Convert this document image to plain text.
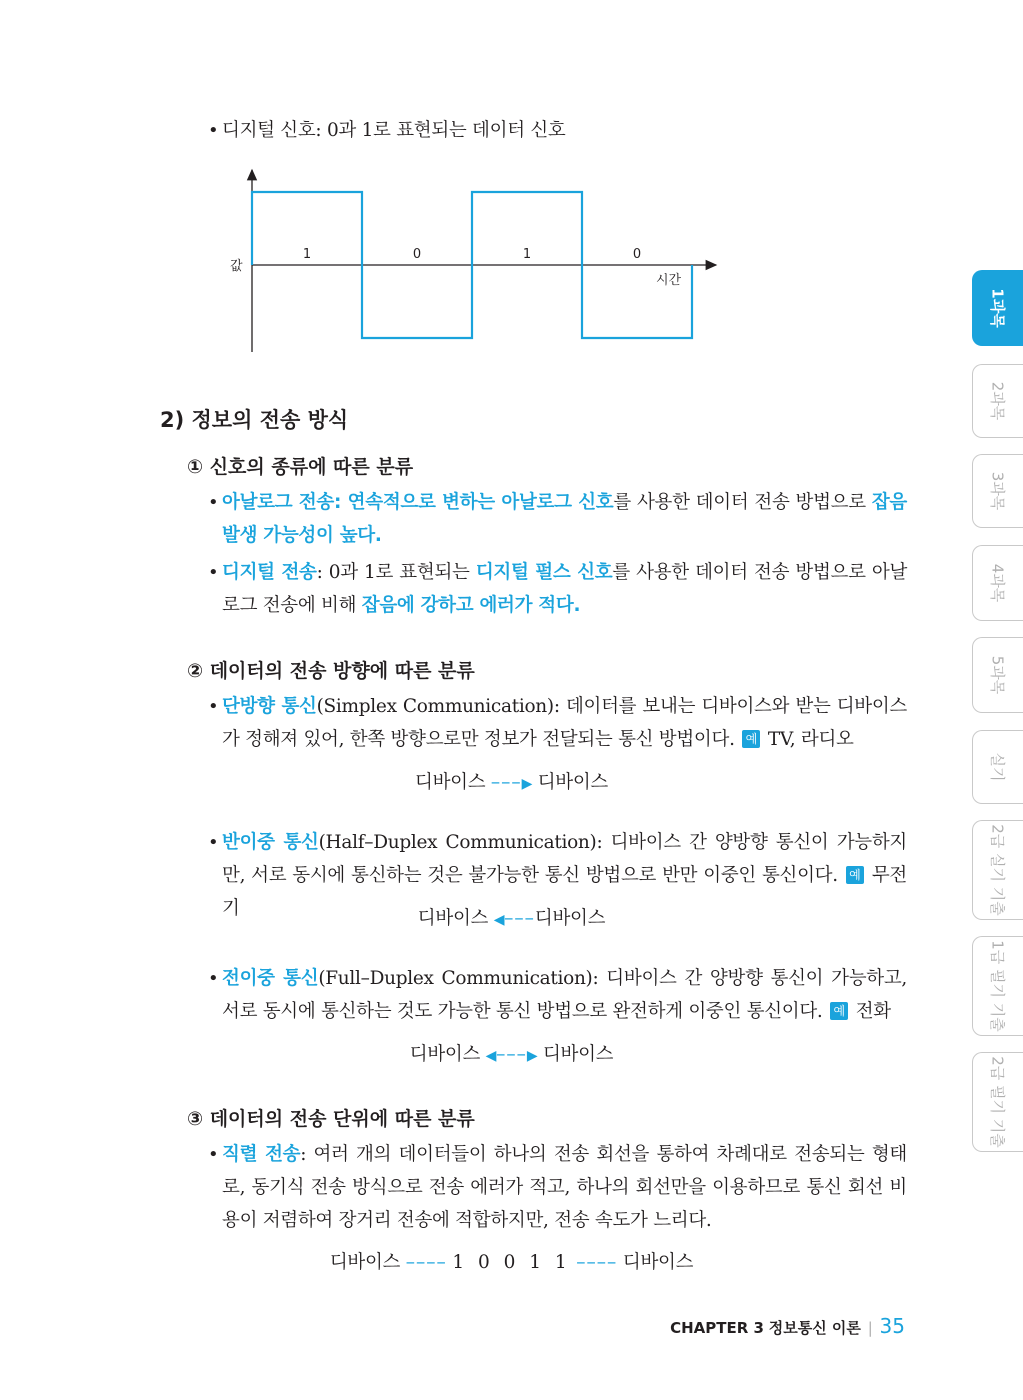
• 디지털 신호: 0과 1로 표현되는 데이터 신호
1	0	1	0
값
시간
2) 정보의 전송 방식
① 신호의 종류에 따른 분류
• 아날로그 전송: 연속적으로 변하는 아날로그 신호를 사용한 데이터 전송 방법으로 잡음 발생 가능성이 높다.
• 디지털 전송: 0과 1로 표현되는 디지털 펄스 신호를 사용한 데이터 전송 방법으로 아날로그 전송에 비해 잡음에 강하고 에러가 적다.
② 데이터의 전송 방향에 따른 분류
• 단방향 통신(Simplex Communication): 데이터를 보내는 디바이스와 받는 디바이스가 정해져 있어, 한쪽 방향으로만 정보가 전달되는 통신 방법이다. 예 TV, 라디오
디바이스 –––▶ 디바이스
• 반이중 통신(Half–Duplex Communication): 디바이스 간 양방향 통신이 가능하지만, 서로 동시에 통신하는 것은 불가능한 통신 방법으로 반만 이중인 통신이다. 예 무전기	디바이스 ◀–––디바이스
• 전이중 통신(Full–Duplex Communication): 디바이스 간 양방향 통신이 가능하고, 서로 동시에 통신하는 것도 가능한 통신 방법으로 완전하게 이중인 통신이다. 예 전화
디바이스 ◀–––▶ 디바이스
③ 데이터의 전송 단위에 따른 분류
• 직렬 전송: 여러 개의 데이터들이 하나의 전송 회선을 통하여 차례대로 전송되는 형태로, 동기식 전송 방식으로 전송 에러가 적고, 하나의 회선만을 이용하므로 통신 회선 비용이 저렴하여 장거리 전송에 적합하지만, 전송 속도가 느리다.
디바이스 –––– 1 0 0 1 1 –––– 디바이스
1과목
2과목
3과목
4과목
5과목
실기
2급 실기 기출
1급 필기 기출
2급 필기 기출
CHAPTER 3 정보통신 이론 | 35
